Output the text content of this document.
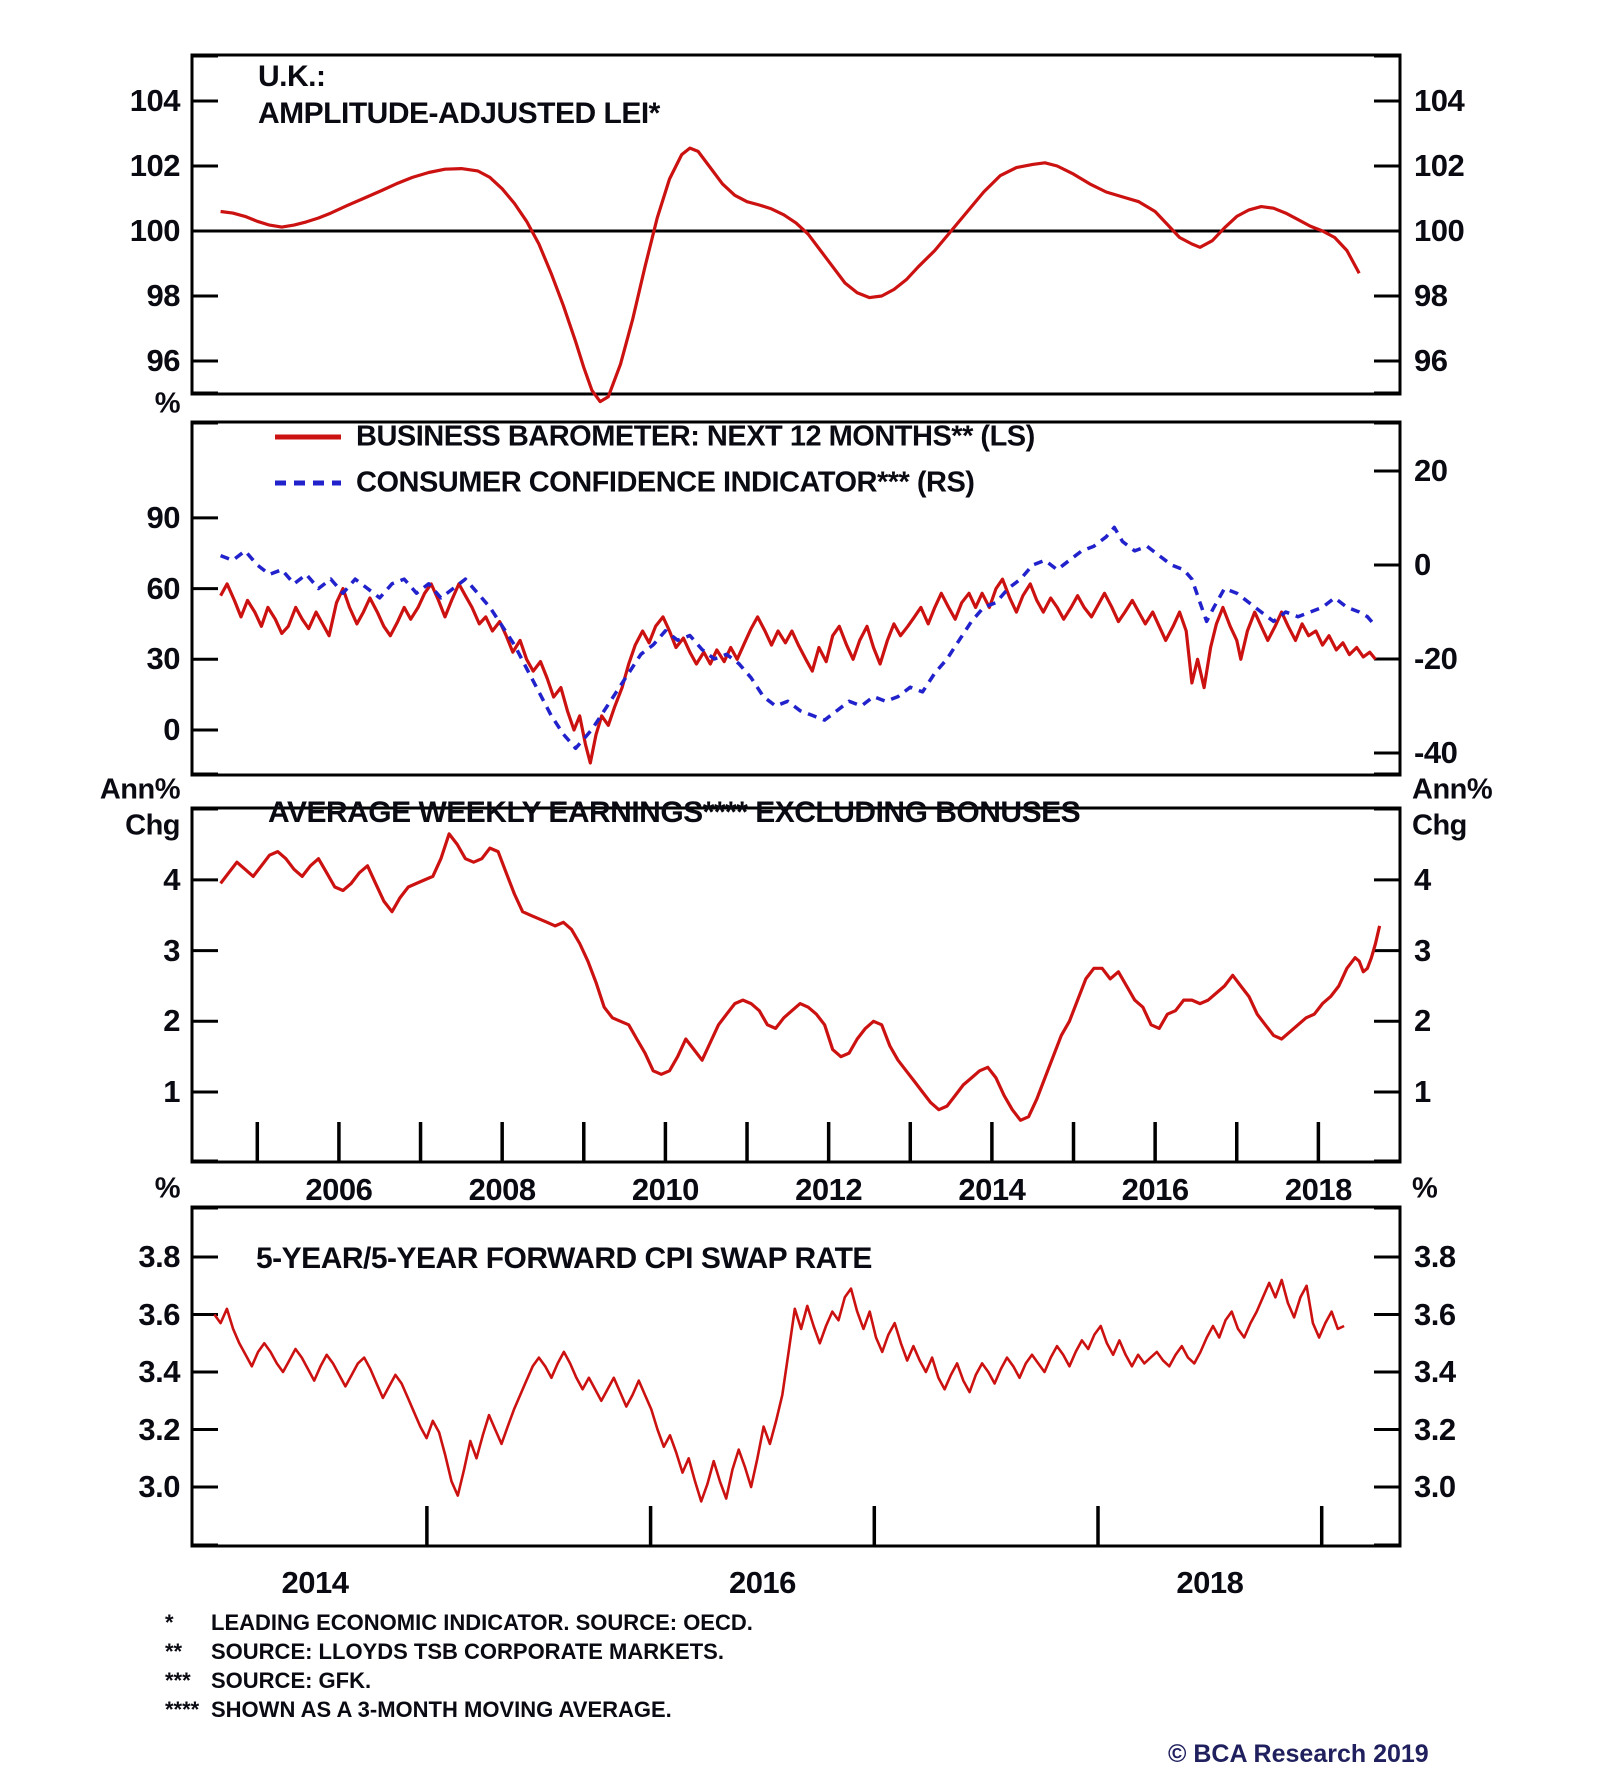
U.K.:
AMPLITUDE-ADJUSTED LEI*
BUSINESS BAROMETER: NEXT 12 MONTHS** (LS)
CONSUMER CONFIDENCE INDICATOR*** (RS)
AVERAGE WEEKLY EARNINGS**** EXCLUDING BONUSES
5-YEAR/5-YEAR FORWARD CPI SWAP RATE
* LEADING ECONOMIC INDICATOR. SOURCE: OECD.
** SOURCE: LLOYDS TSB CORPORATE MARKETS.
*** SOURCE: GFK.
**** SHOWN AS A 3-MONTH MOVING AVERAGE.
© BCA Research 2019
104
102
100
98
96
104
102
100
98
96
90
60
30
0
20
0
-20
-40
%
4
3
2
1
4
3
2
1
Ann%
Chg
Ann%
Chg
2006	2008	2010	2012	2014	2016	2018
3.8
3.6
3.4
3.2
3.0
3.8
3.6
3.4
3.2
3.0
%	%
2014	2016	2018
